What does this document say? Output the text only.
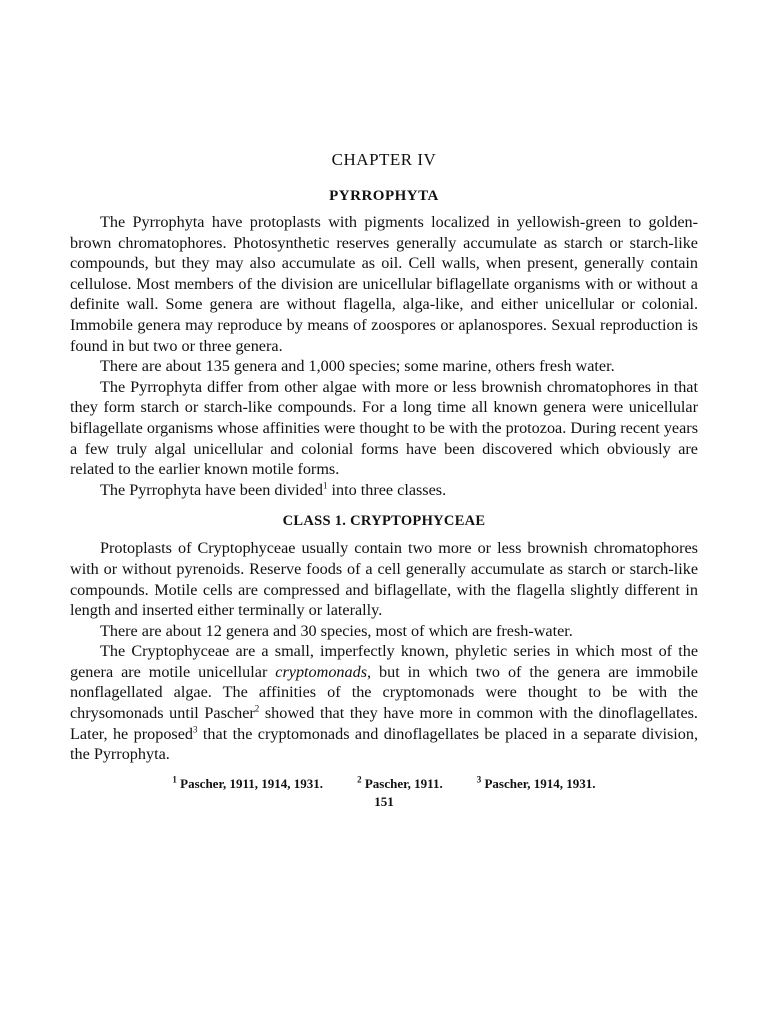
CHAPTER IV
PYRROPHYTA

The Pyrrophyta have protoplasts with pigments localized in yellowish-green to golden-brown chromatophores. Photosynthetic reserves generally accumulate as starch or starch-like compounds, but they may also accumulate as oil. Cell walls, when present, generally contain cellulose. Most members of the division are unicellular biflagellate organisms with or without a definite wall. Some genera are without flagella, alga-like, and either unicellular or colonial. Immobile genera may reproduce by means of zoospores or aplanospores. Sexual reproduction is found in but two or three genera.

There are about 135 genera and 1,000 species; some marine, others fresh water.

The Pyrrophyta differ from other algae with more or less brownish chromatophores in that they form starch or starch-like compounds. For a long time all known genera were unicellular biflagellate organisms whose affinities were thought to be with the protozoa. During recent years a few truly algal unicellular and colonial forms have been discovered which obviously are related to the earlier known motile forms.

The Pyrrophyta have been divided$^1$ into three classes.

CLASS 1. CRYPTOPHYCEAE

Protoplasts of Cryptophyceae usually contain two more or less brownish chromatophores with or without pyrenoids. Reserve foods of a cell generally accumulate as starch or starch-like compounds. Motile cells are compressed and biflagellate, with the flagella slightly different in length and inserted either terminally or laterally.

There are about 12 genera and 30 species, most of which are fresh-water.

The Cryptophyceae are a small, imperfectly known, phyletic series in which most of the genera are motile unicellular cryptomonads, but in which two of the genera are immobile nonflagellated algae. The affinities of the cryptomonads were thought to be with the chrysomonads until Pascher$^2$ showed that they have more in common with the dinoflagellates. Later, he proposed$^3$ that the cryptomonads and dinoflagellates be placed in a separate division, the Pyrrophyta.

$^1$ Pascher, 1911, 1914, 1931.	$^2$ Pascher, 1911.	$^3$ Pascher, 1914, 1931.
151
